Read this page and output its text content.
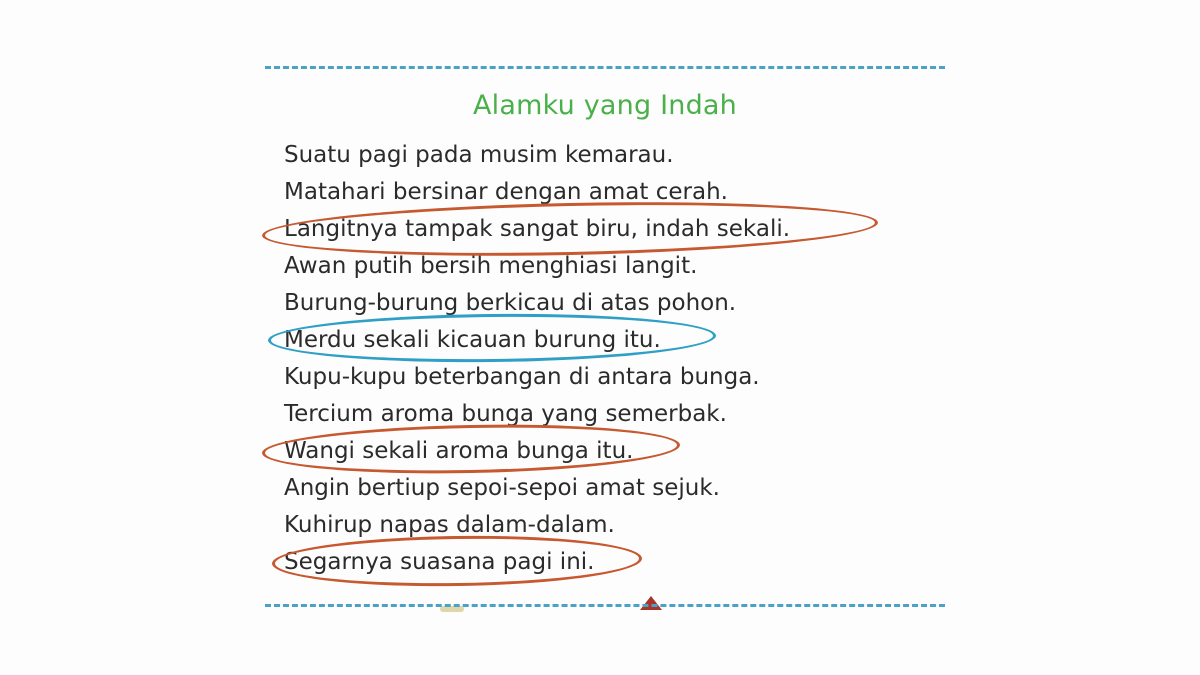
Alamku yang Indah
Suatu pagi pada musim kemarau.
Matahari bersinar dengan amat cerah.
Langitnya tampak sangat biru, indah sekali.
Awan putih bersih menghiasi langit.
Burung-burung berkicau di atas pohon.
Merdu sekali kicauan burung itu.
Kupu-kupu beterbangan di antara bunga.
Tercium aroma bunga yang semerbak.
Wangi sekali aroma bunga itu.
Angin bertiup sepoi-sepoi amat sejuk.
Kuhirup napas dalam-dalam.
Segarnya suasana pagi ini.
